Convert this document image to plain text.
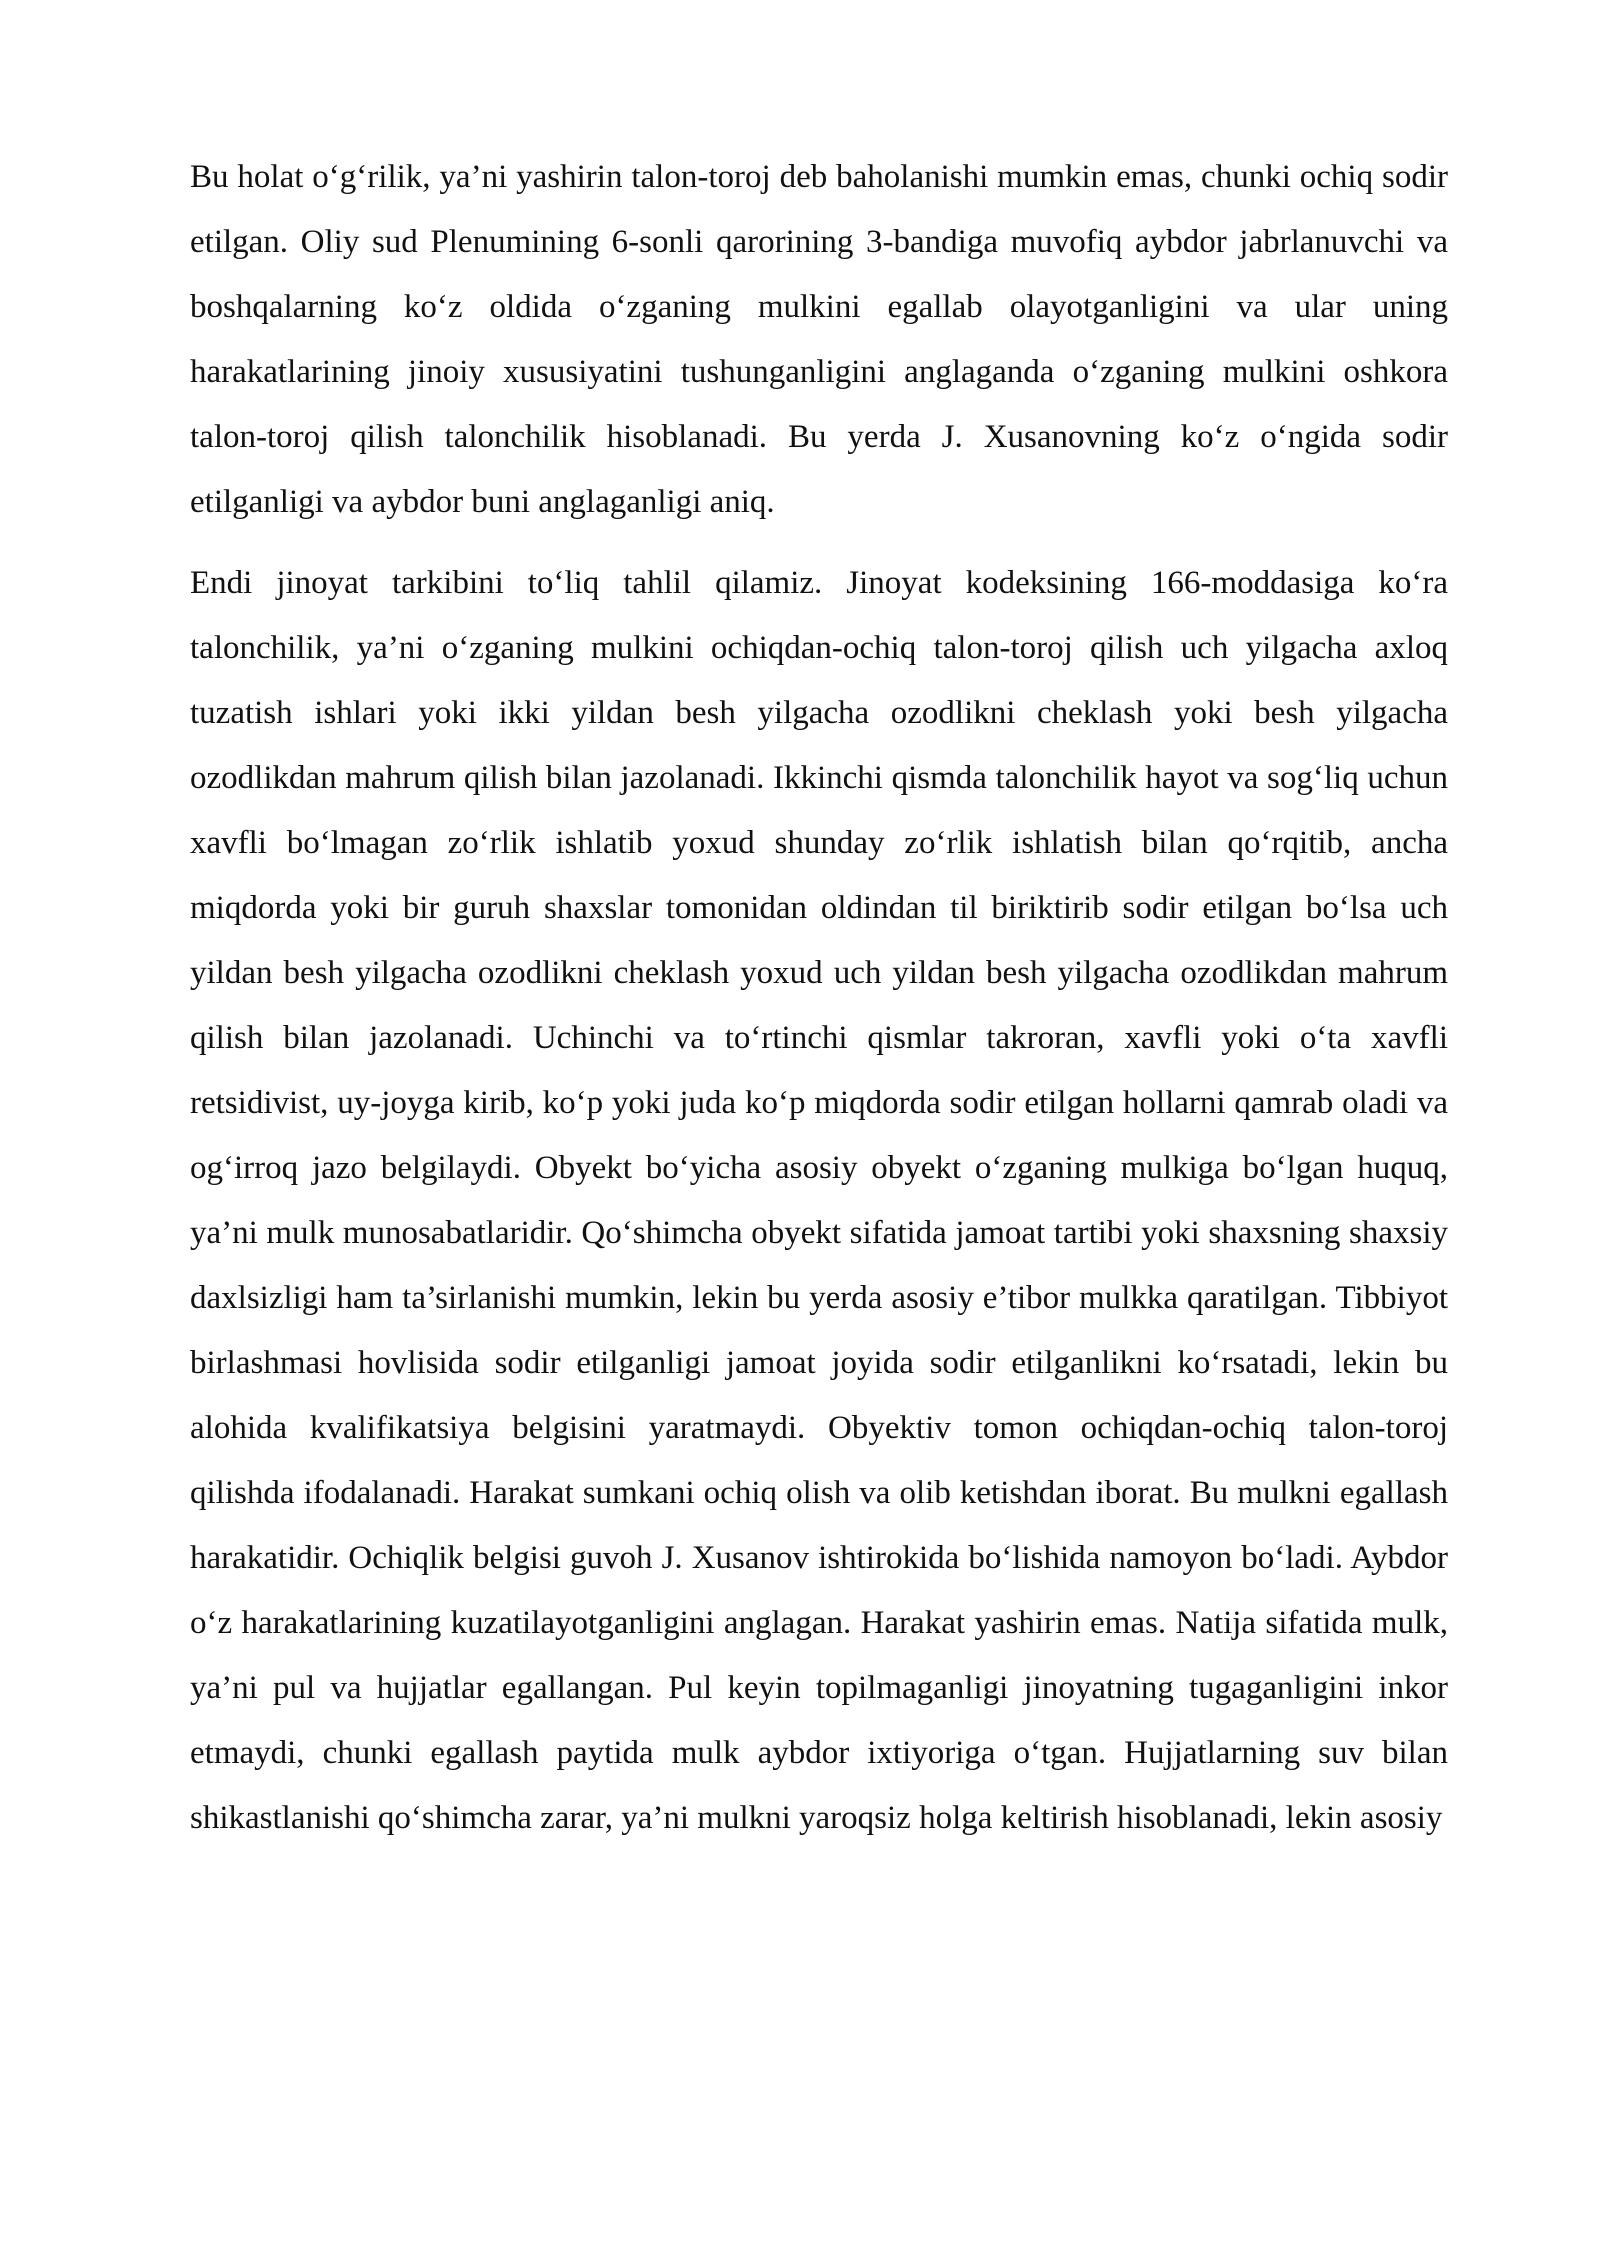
Bu holat o‘g‘rilik, ya’ni yashirin talon-toroj deb baholanishi mumkin emas, chunki ochiq sodir etilgan. Oliy sud Plenumining 6-sonli qarorining 3-bandiga muvofiq aybdor jabrlanuvchi va boshqalarning ko‘z oldida o‘zganing mulkini egallab olayotganligini va ular uning harakatlarining jinoiy xususiyatini tushunganligini anglaganda o‘zganing mulkini oshkora talon-toroj qilish talonchilik hisoblanadi. Bu yerda J. Xusanovning ko‘z o‘ngida sodir etilganligi va aybdor buni anglaganligi aniq.

Endi jinoyat tarkibini to‘liq tahlil qilamiz. Jinoyat kodeksining 166-moddasiga ko‘ra talonchilik, ya’ni o‘zganing mulkini ochiqdan-ochiq talon-toroj qilish uch yilgacha axloq tuzatish ishlari yoki ikki yildan besh yilgacha ozodlikni cheklash yoki besh yilgacha ozodlikdan mahrum qilish bilan jazolanadi. Ikkinchi qismda talonchilik hayot va sog‘liq uchun xavfli bo‘lmagan zo‘rlik ishlatib yoxud shunday zo‘rlik ishlatish bilan qo‘rqitib, ancha miqdorda yoki bir guruh shaxslar tomonidan oldindan til biriktirib sodir etilgan bo‘lsa uch yildan besh yilgacha ozodlikni cheklash yoxud uch yildan besh yilgacha ozodlikdan mahrum qilish bilan jazolanadi. Uchinchi va to‘rtinchi qismlar takroran, xavfli yoki o‘ta xavfli retsidivist, uy-joyga kirib, ko‘p yoki juda ko‘p miqdorda sodir etilgan hollarni qamrab oladi va og‘irroq jazo belgilaydi. Obyekt bo‘yicha asosiy obyekt o‘zganing mulkiga bo‘lgan huquq, ya’ni mulk munosabatlaridir. Qo‘shimcha obyekt sifatida jamoat tartibi yoki shaxsning shaxsiy daxlsizligi ham ta’sirlanishi mumkin, lekin bu yerda asosiy e’tibor mulkka qaratilgan. Tibbiyot birlashmasi hovlisida sodir etilganligi jamoat joyida sodir etilganlikni ko‘rsatadi, lekin bu alohida kvalifikatsiya belgisini yaratmaydi. Obyektiv tomon ochiqdan-ochiq talon-toroj qilishda ifodalanadi. Harakat sumkani ochiq olish va olib ketishdan iborat. Bu mulkni egallash harakatidir. Ochiqlik belgisi guvoh J. Xusanov ishtirokida bo‘lishida namoyon bo‘ladi. Aybdor o‘z harakatlarining kuzatilayotganligini anglagan. Harakat yashirin emas. Natija sifatida mulk, ya’ni pul va hujjatlar egallangan. Pul keyin topilmaganligi jinoyatning tugaganligini inkor etmaydi, chunki egallash paytida mulk aybdor ixtiyoriga o‘tgan. Hujjatlarning suv bilan shikastlanishi qo‘shimcha zarar, ya’ni mulkni yaroqsiz holga keltirish hisoblanadi, lekin asosiy
